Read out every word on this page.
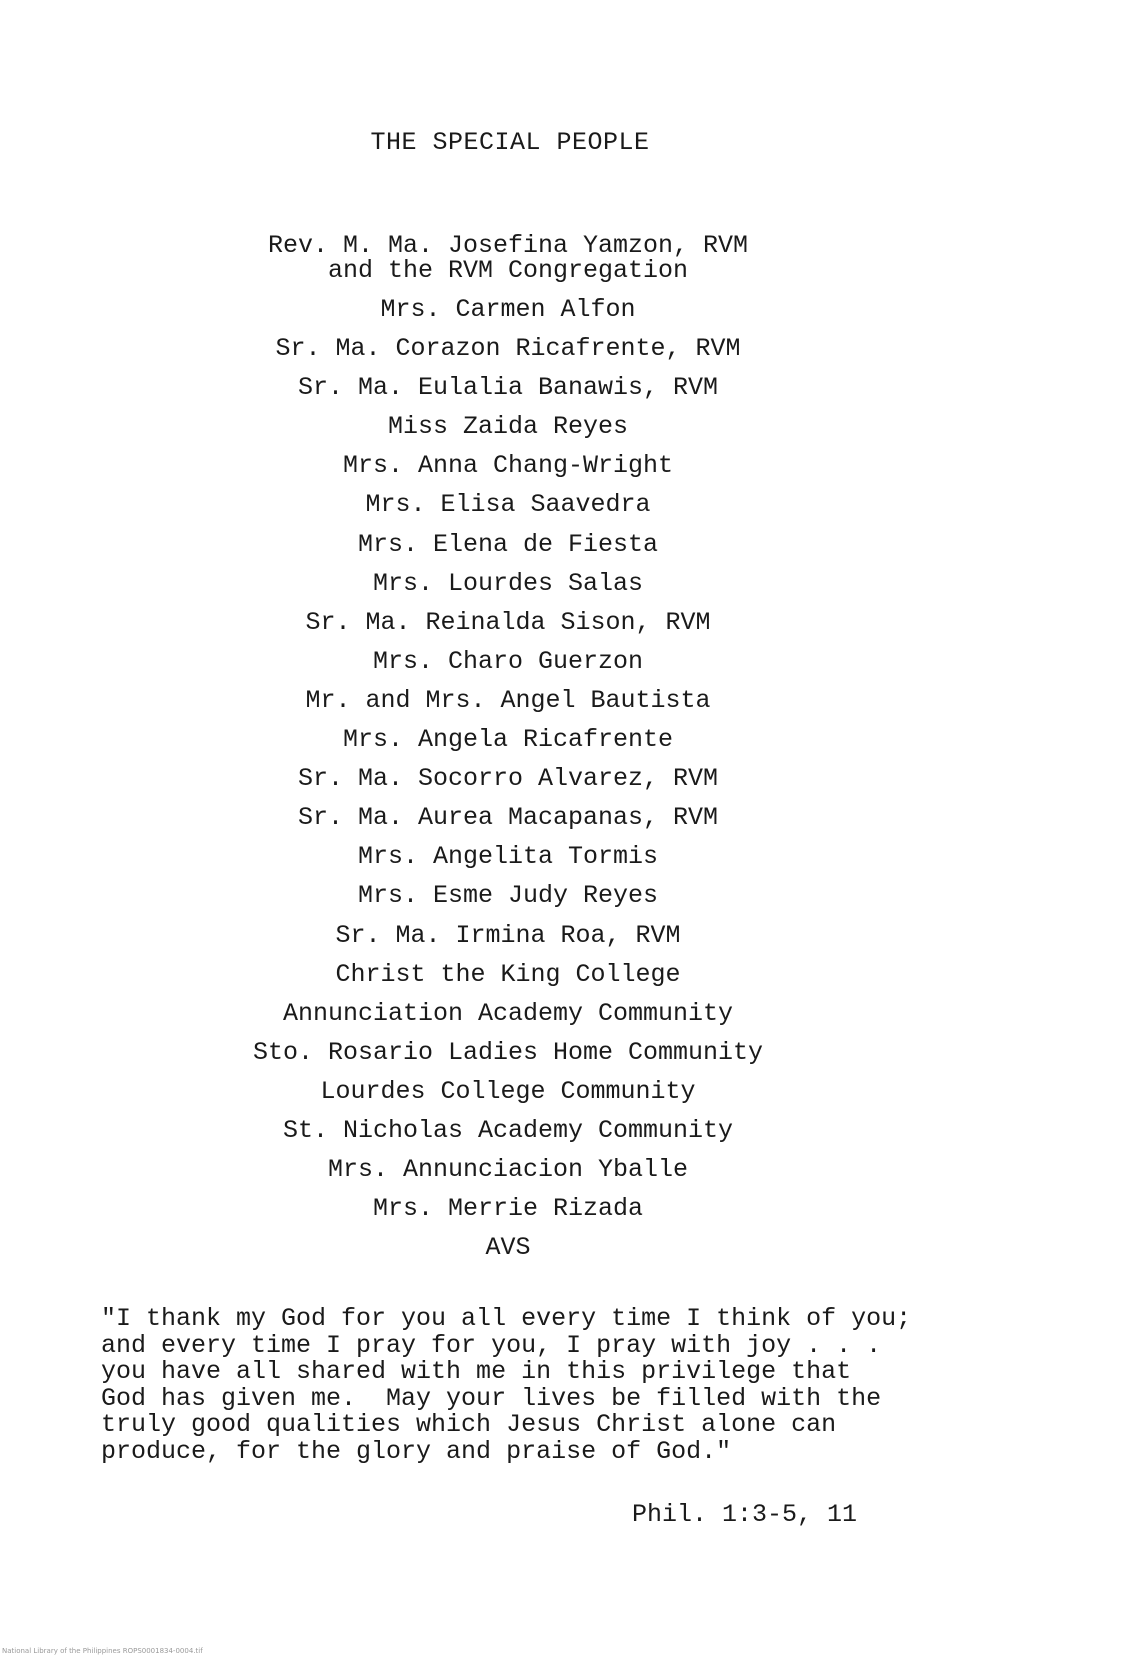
THE SPECIAL PEOPLE
Rev. M. Ma. Josefina Yamzon, RVM
and the RVM Congregation
Mrs. Carmen Alfon
Sr. Ma. Corazon Ricafrente, RVM
Sr. Ma. Eulalia Banawis, RVM
Miss Zaida Reyes
Mrs. Anna Chang-Wright
Mrs. Elisa Saavedra
Mrs. Elena de Fiesta
Mrs. Lourdes Salas
Sr. Ma. Reinalda Sison, RVM
Mrs. Charo Guerzon
Mr. and Mrs. Angel Bautista
Mrs. Angela Ricafrente
Sr. Ma. Socorro Alvarez, RVM
Sr. Ma. Aurea Macapanas, RVM
Mrs. Angelita Tormis
Mrs. Esme Judy Reyes
Sr. Ma. Irmina Roa, RVM
Christ the King College
Annunciation Academy Community
Sto. Rosario Ladies Home Community
Lourdes College Community
St. Nicholas Academy Community
Mrs. Annunciacion Yballe
Mrs. Merrie Rizada
AVS
"I thank my God for you all every time I think of you;
and every time I pray for you, I pray with joy . . .
you have all shared with me in this privilege that
God has given me.  May your lives be filled with the
truly good qualities which Jesus Christ alone can
produce, for the glory and praise of God."
Phil. 1:3-5, 11
National Library of the Philippines ROPS0001834-0004.tif
